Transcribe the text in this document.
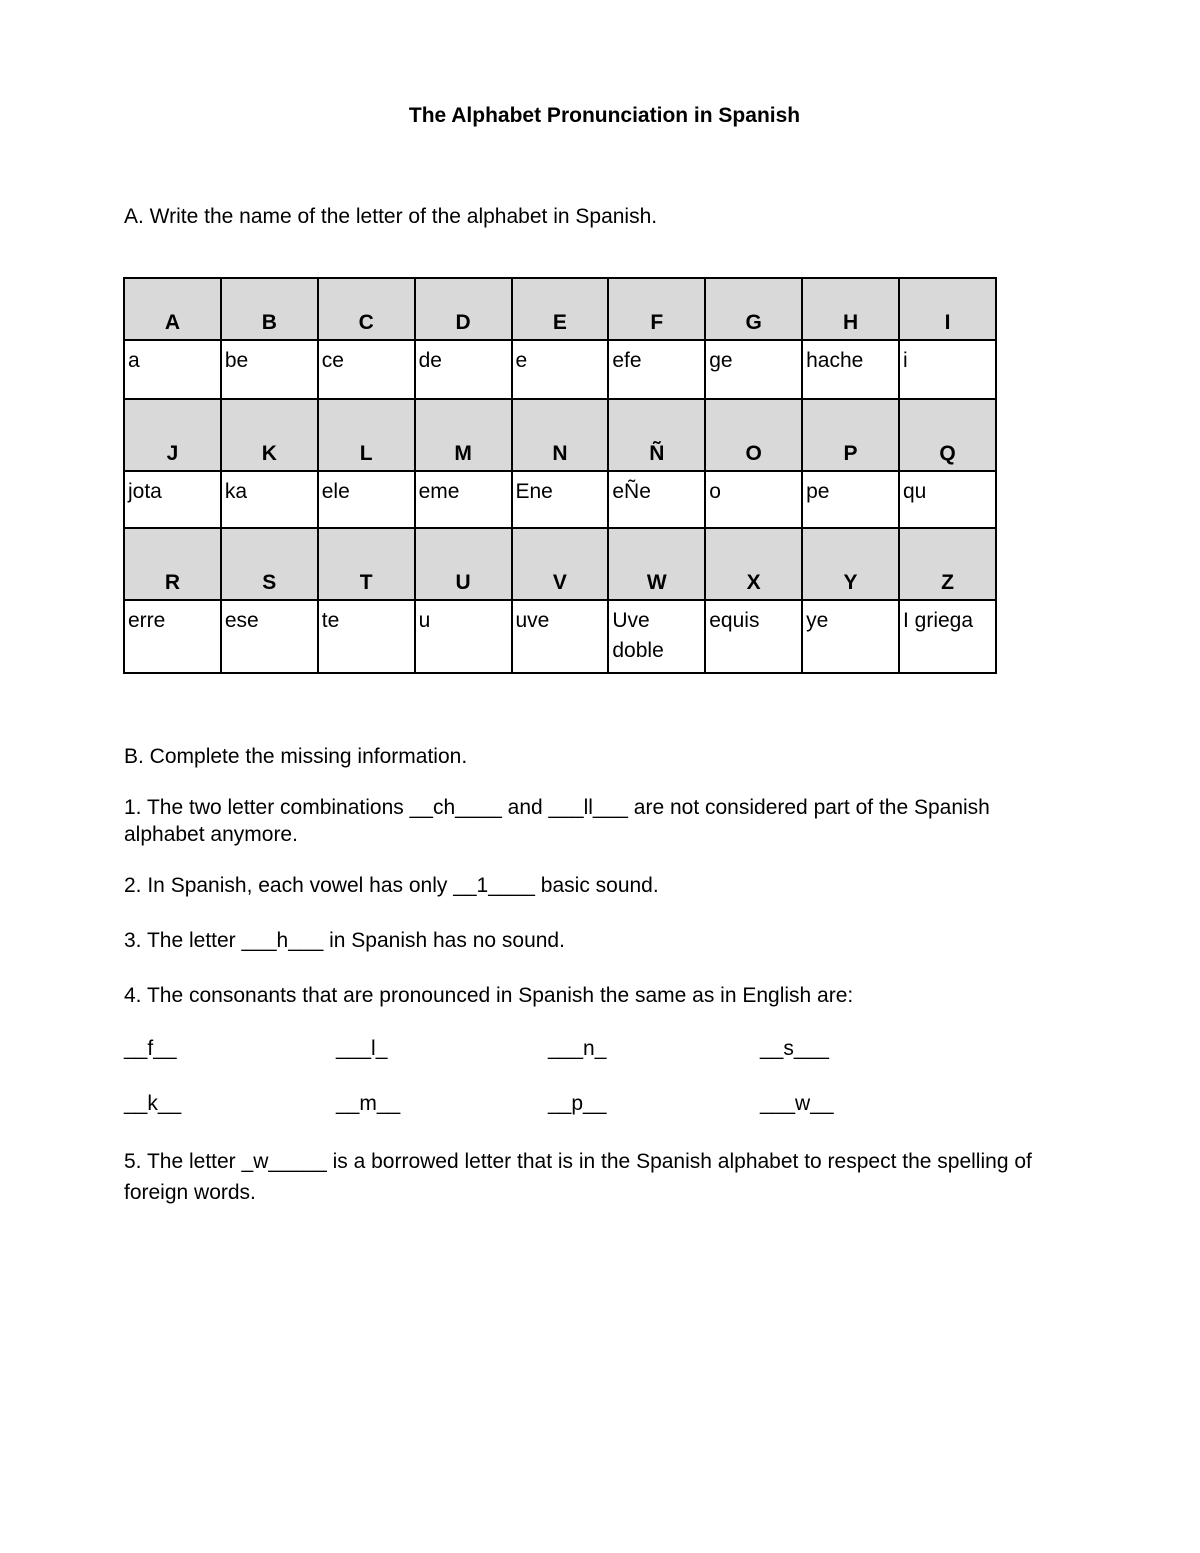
The Alphabet Pronunciation in Spanish
A. Write the name of the letter of the alphabet in Spanish.
A	B	C	D	E	F	G	H	I
a	be	ce	de	e	efe	ge	hache	i
J	K	L	M	N	Ñ	O	P	Q
jota	ka	ele	eme	Ene	eÑe	o	pe	qu
R	S	T	U	V	W	X	Y	Z
erre	ese	te	u	uve	Uve doble	equis	ye	I griega
B. Complete the missing information.
1. The two letter combinations __ch____ and ___ll___ are not considered part of the Spanish alphabet anymore.
2. In Spanish, each vowel has only __1____ basic sound.
3. The letter ___h___ in Spanish has no sound.
4. The consonants that are pronounced in Spanish the same as in English are:
__f__	___l_	___n_	__s___
__k__	__m__	__p__	___w__
5. The letter _w_____ is a borrowed letter that is in the Spanish alphabet to respect the spelling of foreign words.
